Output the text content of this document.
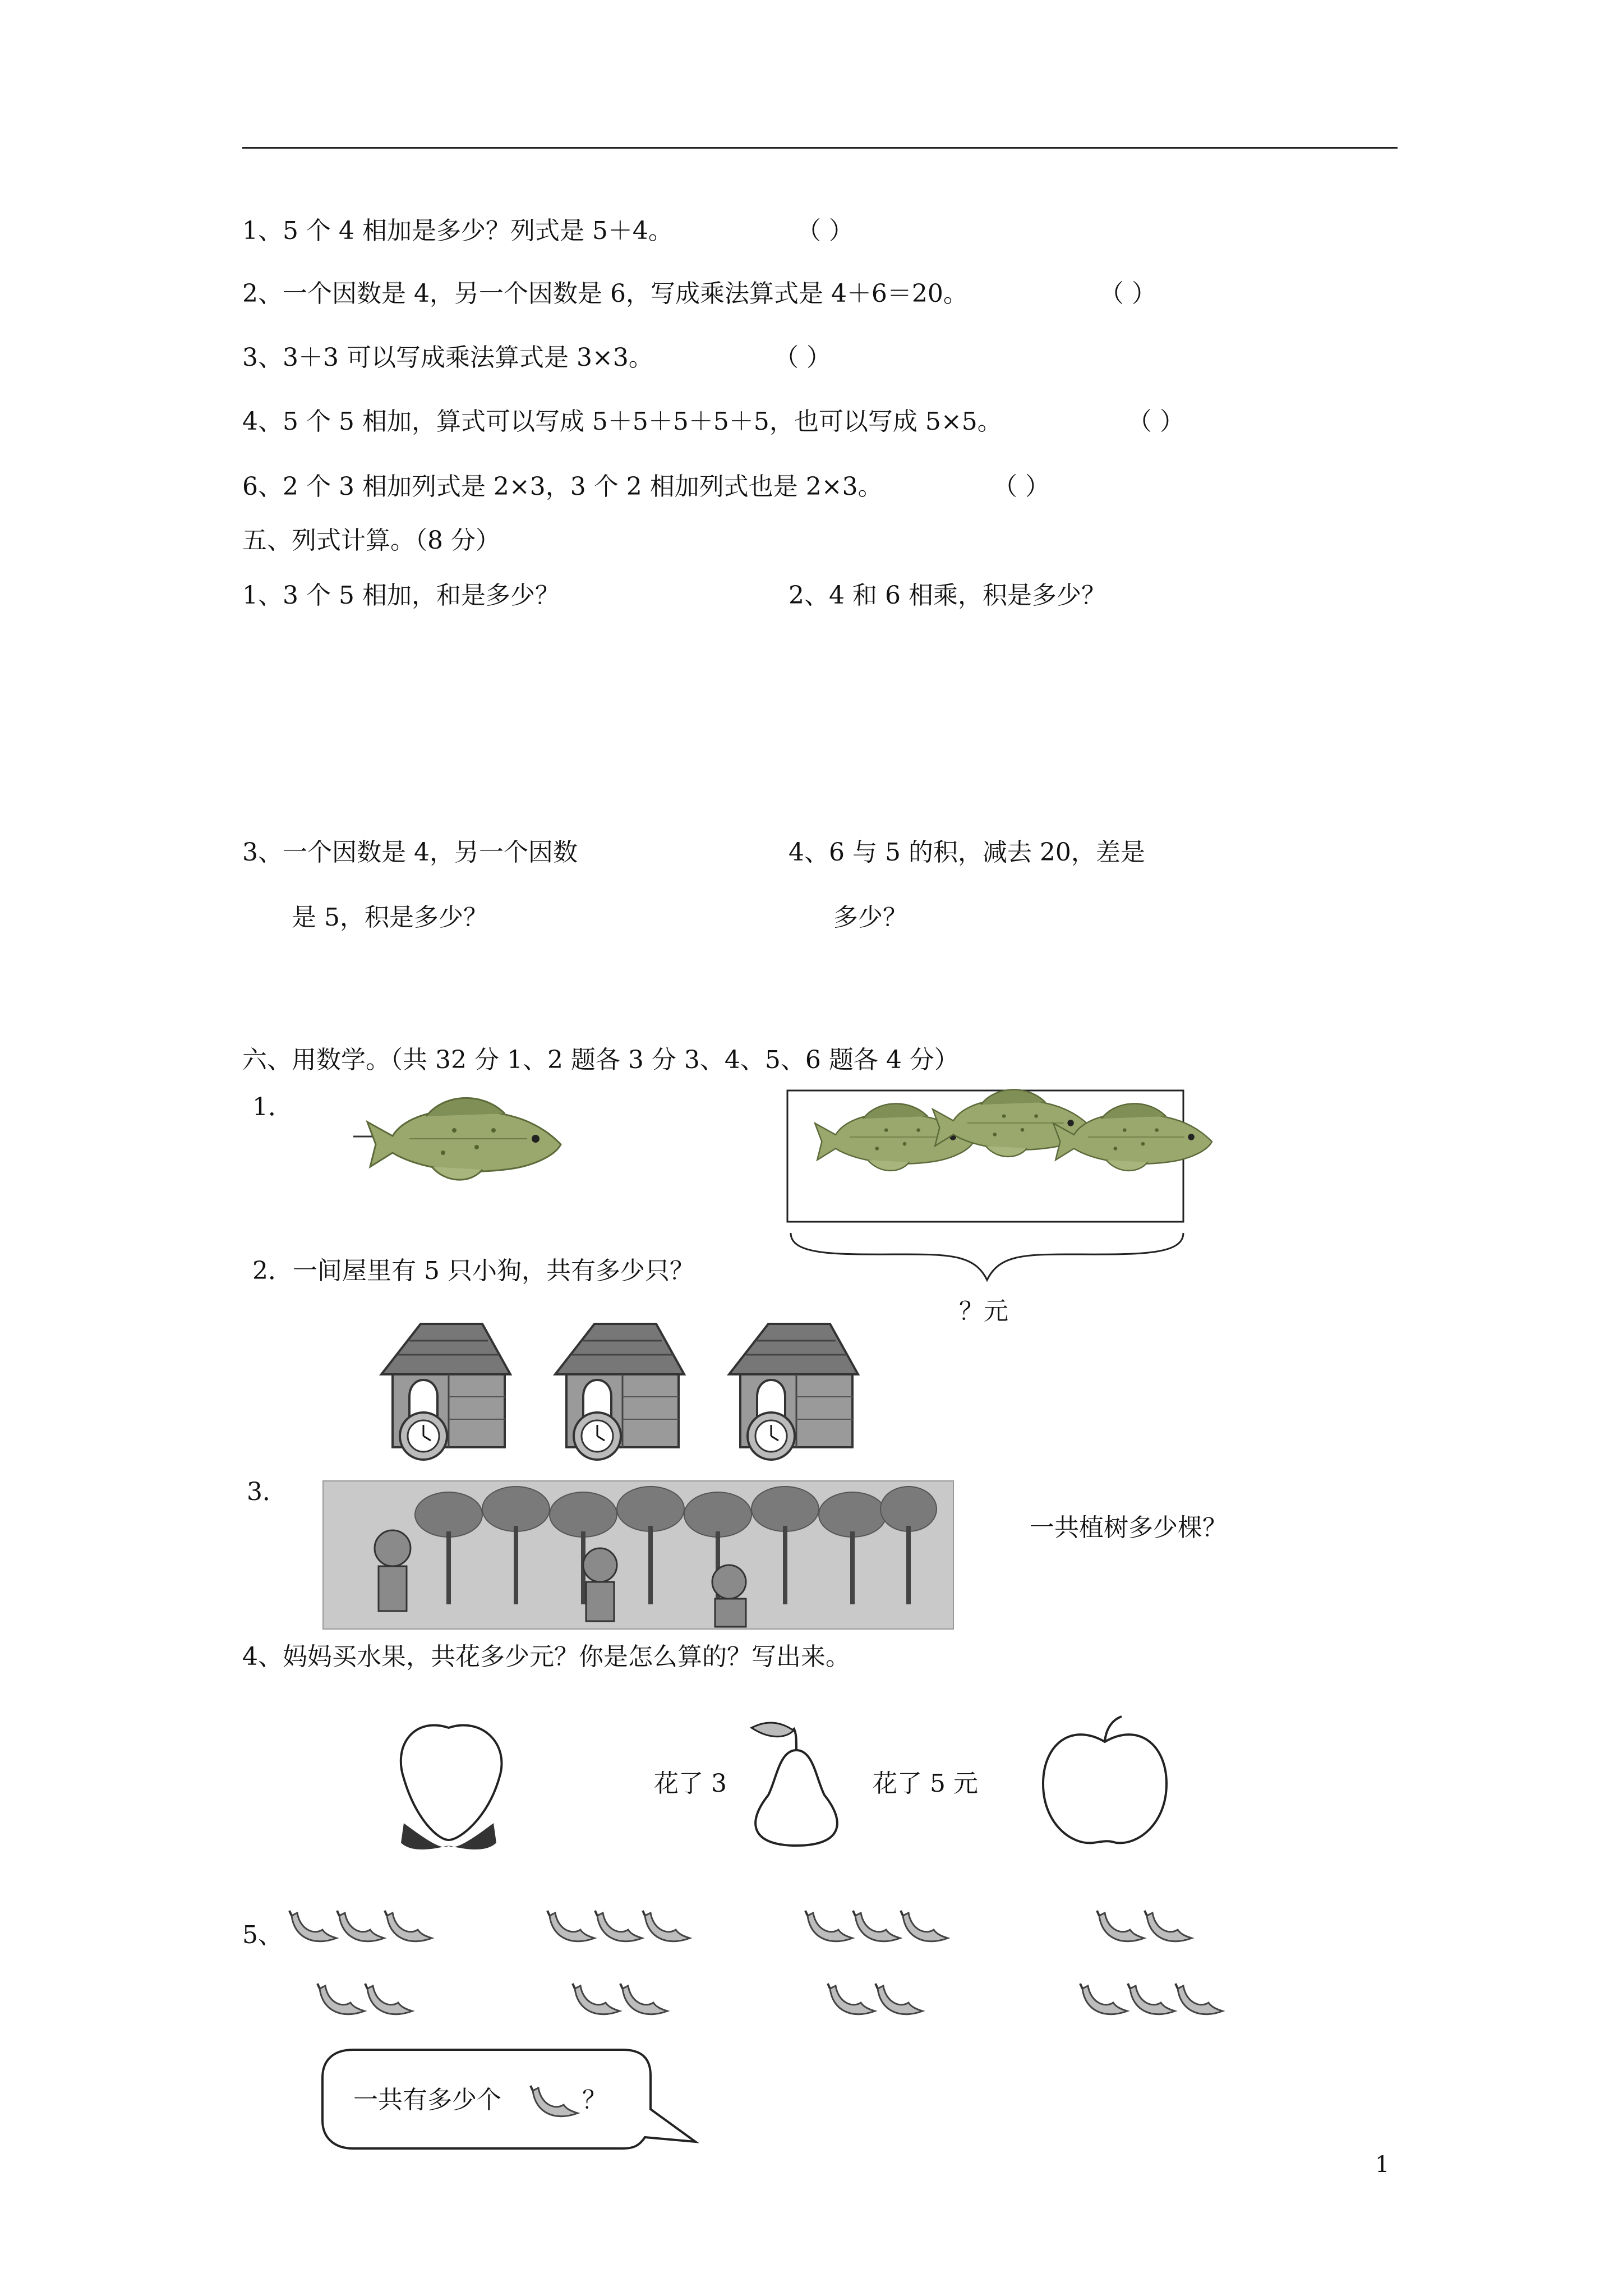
1、5 个 4 相加是多少？列式是 5＋4。	（ ）
2、一个因数是 4，另一个因数是 6，写成乘法算式是 4＋6＝20。	（ ）
3、3＋3 可以写成乘法算式是 3×3。	（ ）
4、5 个 5 相加，算式可以写成 5＋5＋5＋5＋5，也可以写成 5×5。	（ ）
6、2 个 3 相加列式是 2×3，3 个 2 相加列式也是 2×3。	（ ）
五、列式计算。（8 分）
1、3 个 5 相加，和是多少？	2、4 和 6 相乘，积是多少？
3、一个因数是 4，另一个因数
是 5，积是多少？
4、6 与 5 的积，减去 20，差是
多少？
六、用数学。（共 32 分 1、2 题各 3 分 3、4、5、6 题各 4 分）
1．
？元
2．一间屋里有 5 只小狗，共有多少只？
3．
一共植树多少棵？
4、妈妈买水果，共花多少元？你是怎么算的？写出来。
花了 3	花了 5 元
5、
一共有多少个	？
1
